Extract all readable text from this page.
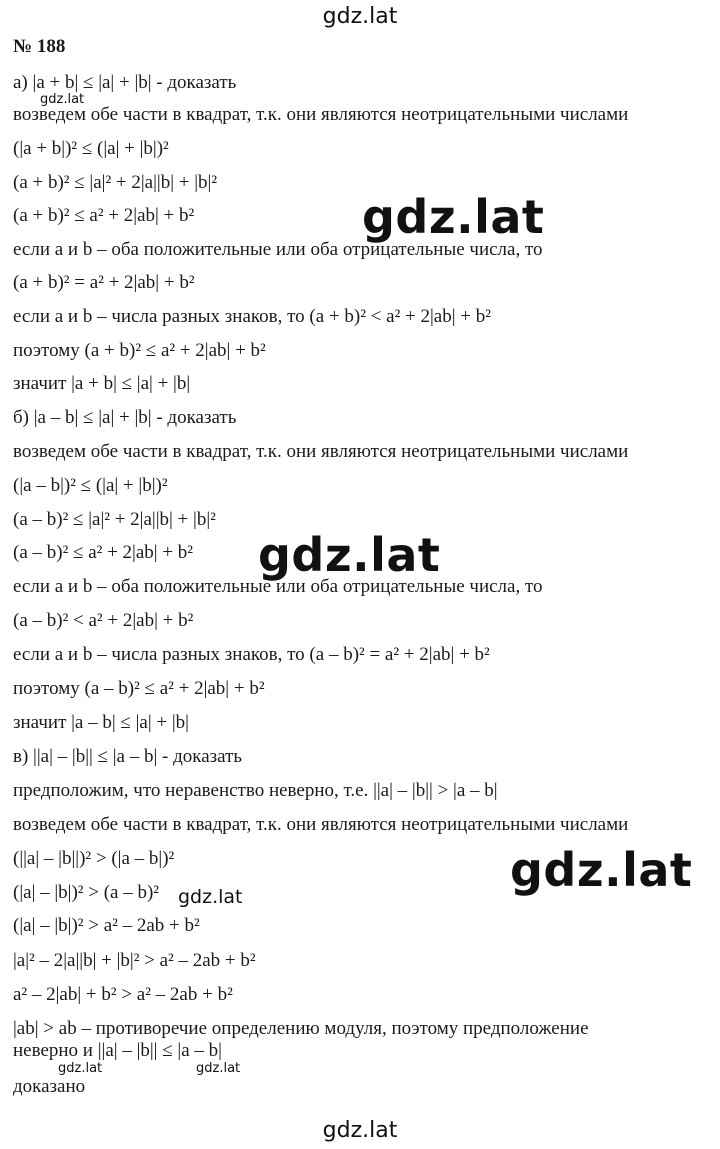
gdz.lat
№ 188
а) |a + b| ≤ |a| + |b| - доказать
gdz.lat
возведем обе части в квадрат, т.к. они являются неотрицательными числами
(|a + b|)² ≤ (|a| + |b|)²
(a + b)² ≤ |a|² + 2|a||b| + |b|²
(a + b)² ≤ a² + 2|ab| + b²	gdz.lat
если a и b – оба положительные или оба отрицательные числа, то
(a + b)² = a² + 2|ab| + b²
если a и b – числа разных знаков, то (a + b)² < a² + 2|ab| + b²
поэтому (a + b)² ≤ a² + 2|ab| + b²
значит |a + b| ≤ |a| + |b|
б) |a – b| ≤ |a| + |b| - доказать
возведем обе части в квадрат, т.к. они являются неотрицательными числами
(|a – b|)² ≤ (|a| + |b|)²
(a – b)² ≤ |a|² + 2|a||b| + |b|²
(a – b)² ≤ a² + 2|ab| + b² gdz.lat
если a и b – оба положительные или оба отрицательные числа, то
(a – b)² < a² + 2|ab| + b²
если a и b – числа разных знаков, то (a – b)² = a² + 2|ab| + b²
поэтому (a – b)² ≤ a² + 2|ab| + b²
значит |a – b| ≤ |a| + |b|
в) ||a| – |b|| ≤ |a – b| - доказать
предположим, что неравенство неверно, т.е. ||a| – |b|| > |a – b|
возведем обе части в квадрат, т.к. они являются неотрицательными числами
(||a| – |b||)² > (|a – b|)²	gdz.lat
(|a| – |b|)² > (a – b)² gdz.lat
(|a| – |b|)² > a² – 2ab + b²
|a|² – 2|a||b| + |b|² > a² – 2ab + b²
a² – 2|ab| + b² > a² – 2ab + b²
|ab| > ab – противоречие определению модуля, поэтому предположение
неверно и ||a| – |b|| ≤ |a – b|
gdz.lat	gdz.lat
доказано
gdz.lat
